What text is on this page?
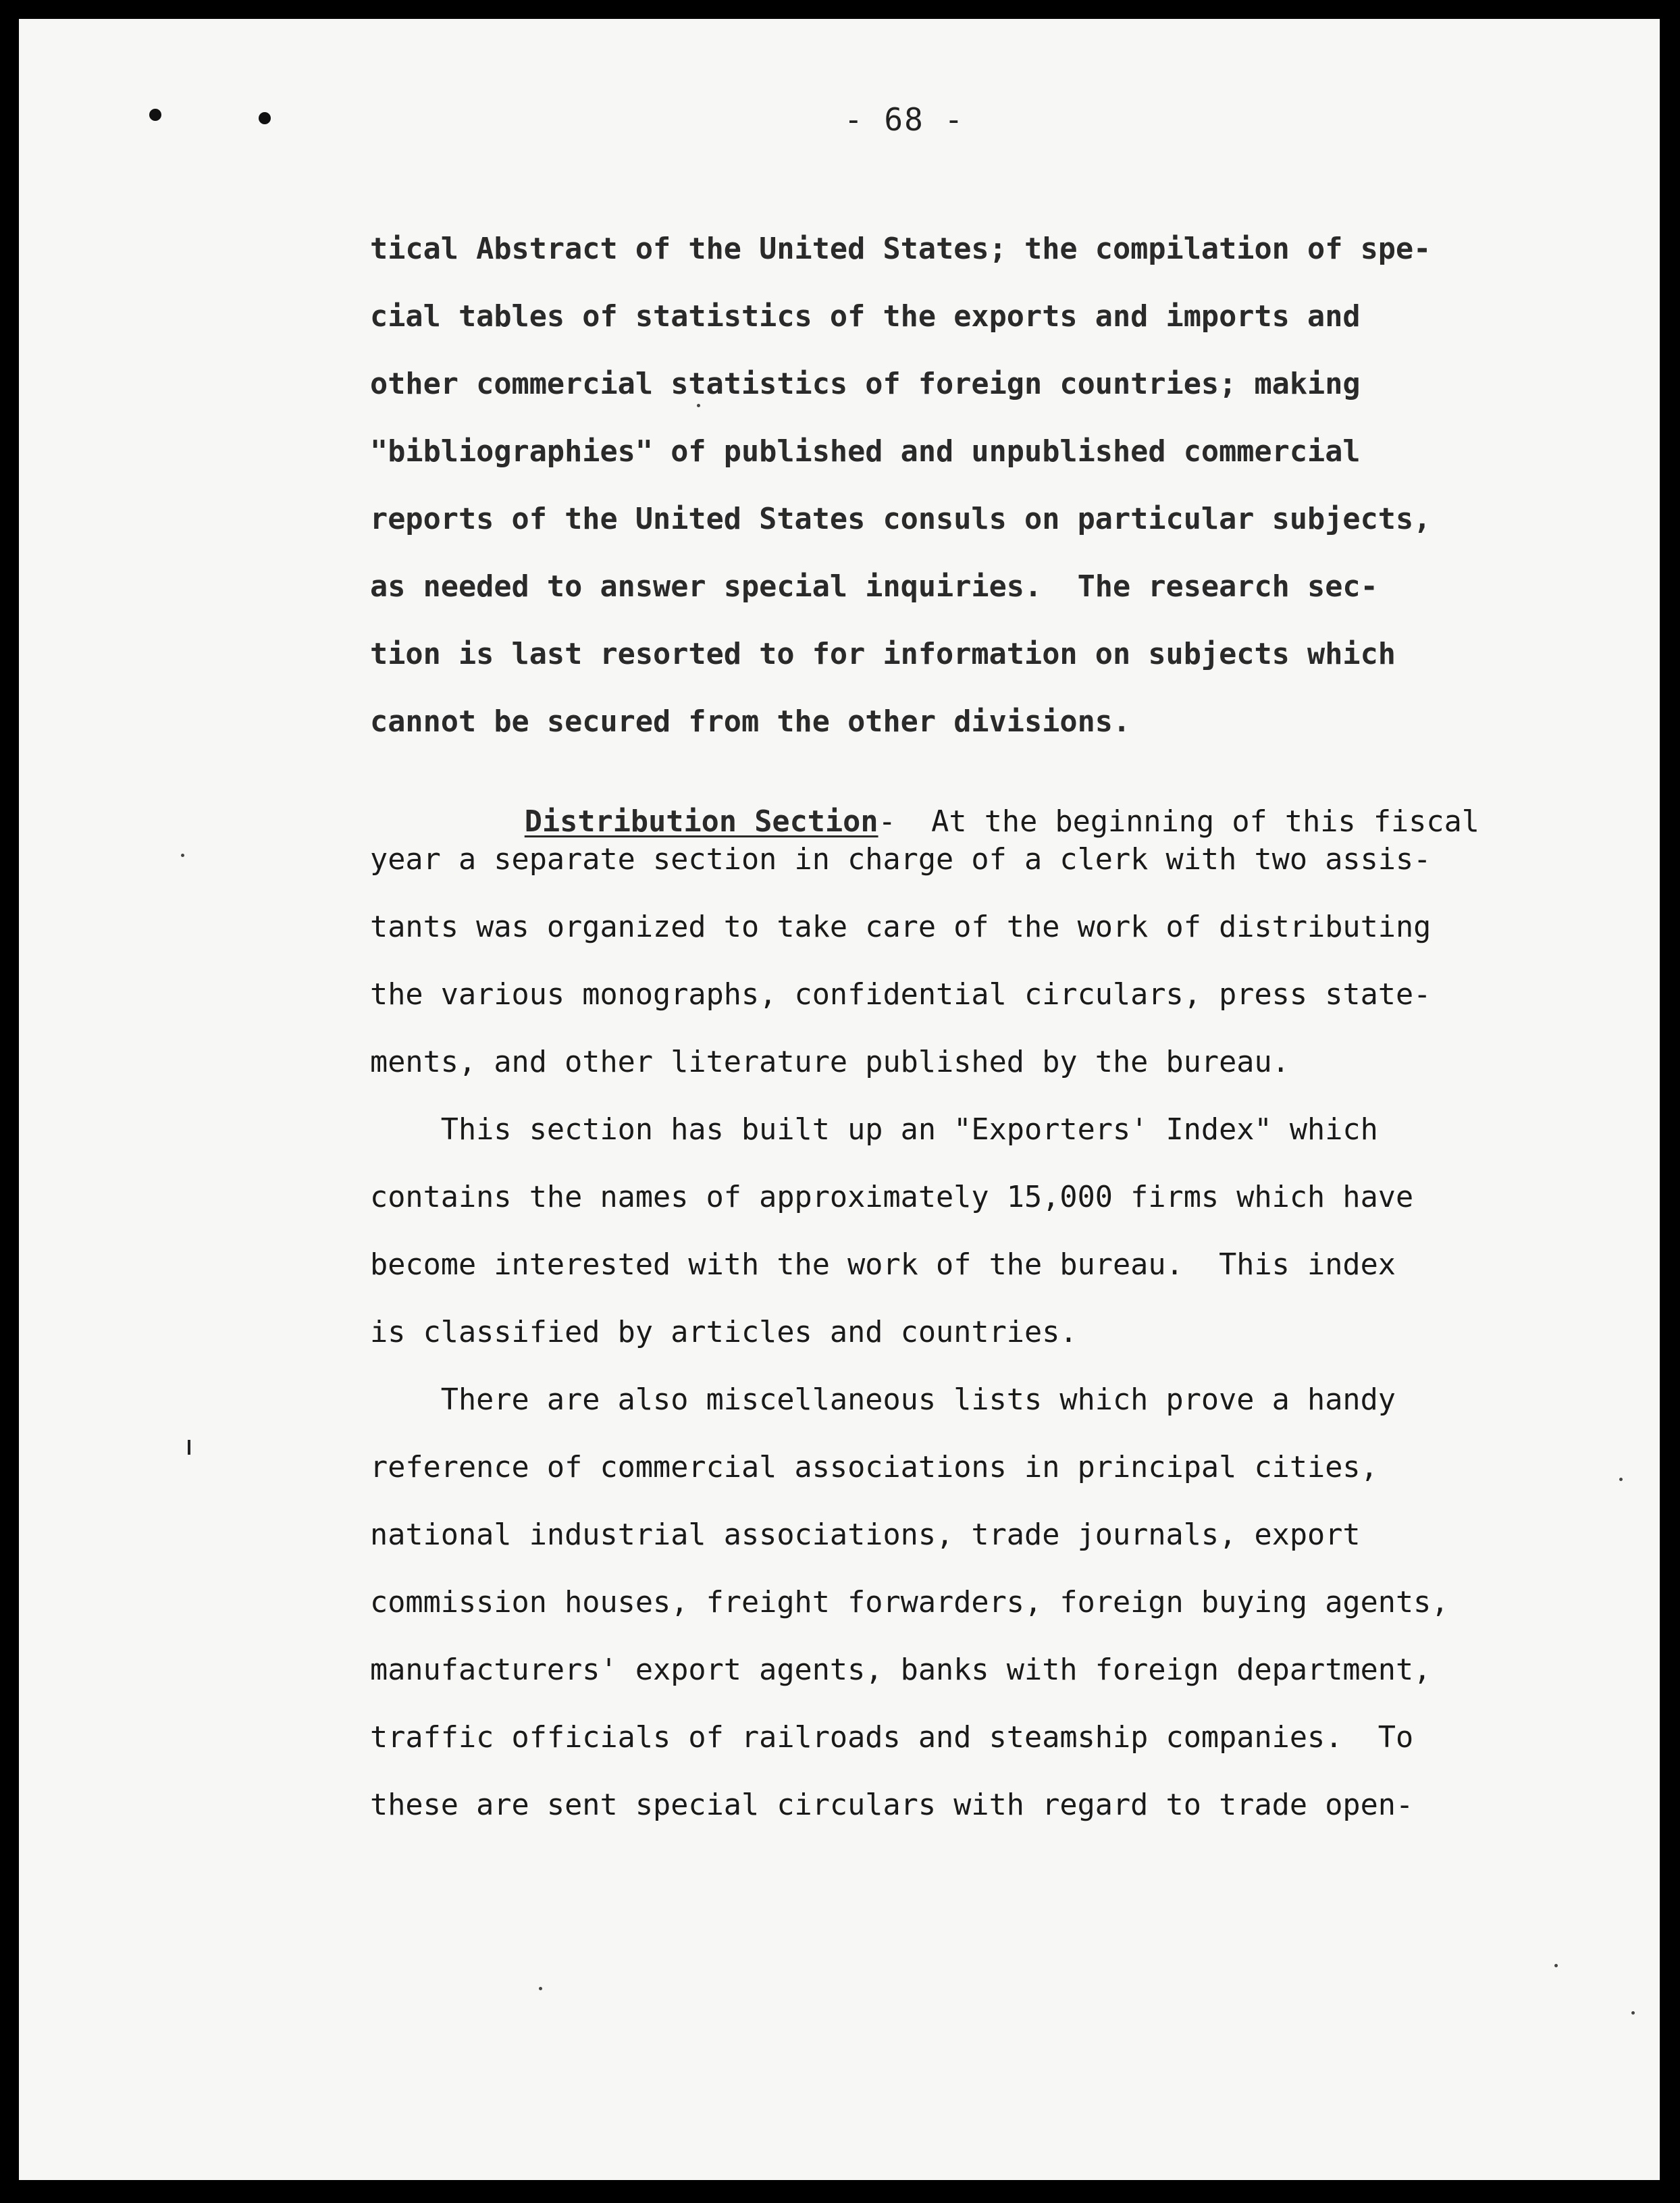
- 68 -
tical Abstract of the United States; the compilation of spe-
cial tables of statistics of the exports and imports and
other commercial statistics of foreign countries; making
"bibliographies" of published and unpublished commercial
reports of the United States consuls on particular subjects,
as needed to answer special inquiries.  The research sec-
tion is last resorted to for information on subjects which
cannot be secured from the other divisions.

Distribution Section-  At the beginning of this fiscal

year a separate section in charge of a clerk with two assis-
tants was organized to take care of the work of distributing
the various monographs, confidential circulars, press state-
ments, and other literature published by the bureau.
This section has built up an "Exporters' Index" which
contains the names of approximately 15,000 firms which have
become interested with the work of the bureau.  This index
is classified by articles and countries.
There are also miscellaneous lists which prove a handy
reference of commercial associations in principal cities,
national industrial associations, trade journals, export
commission houses, freight forwarders, foreign buying agents,
manufacturers' export agents, banks with foreign department,
traffic officials of railroads and steamship companies.  To
these are sent special circulars with regard to trade open-
